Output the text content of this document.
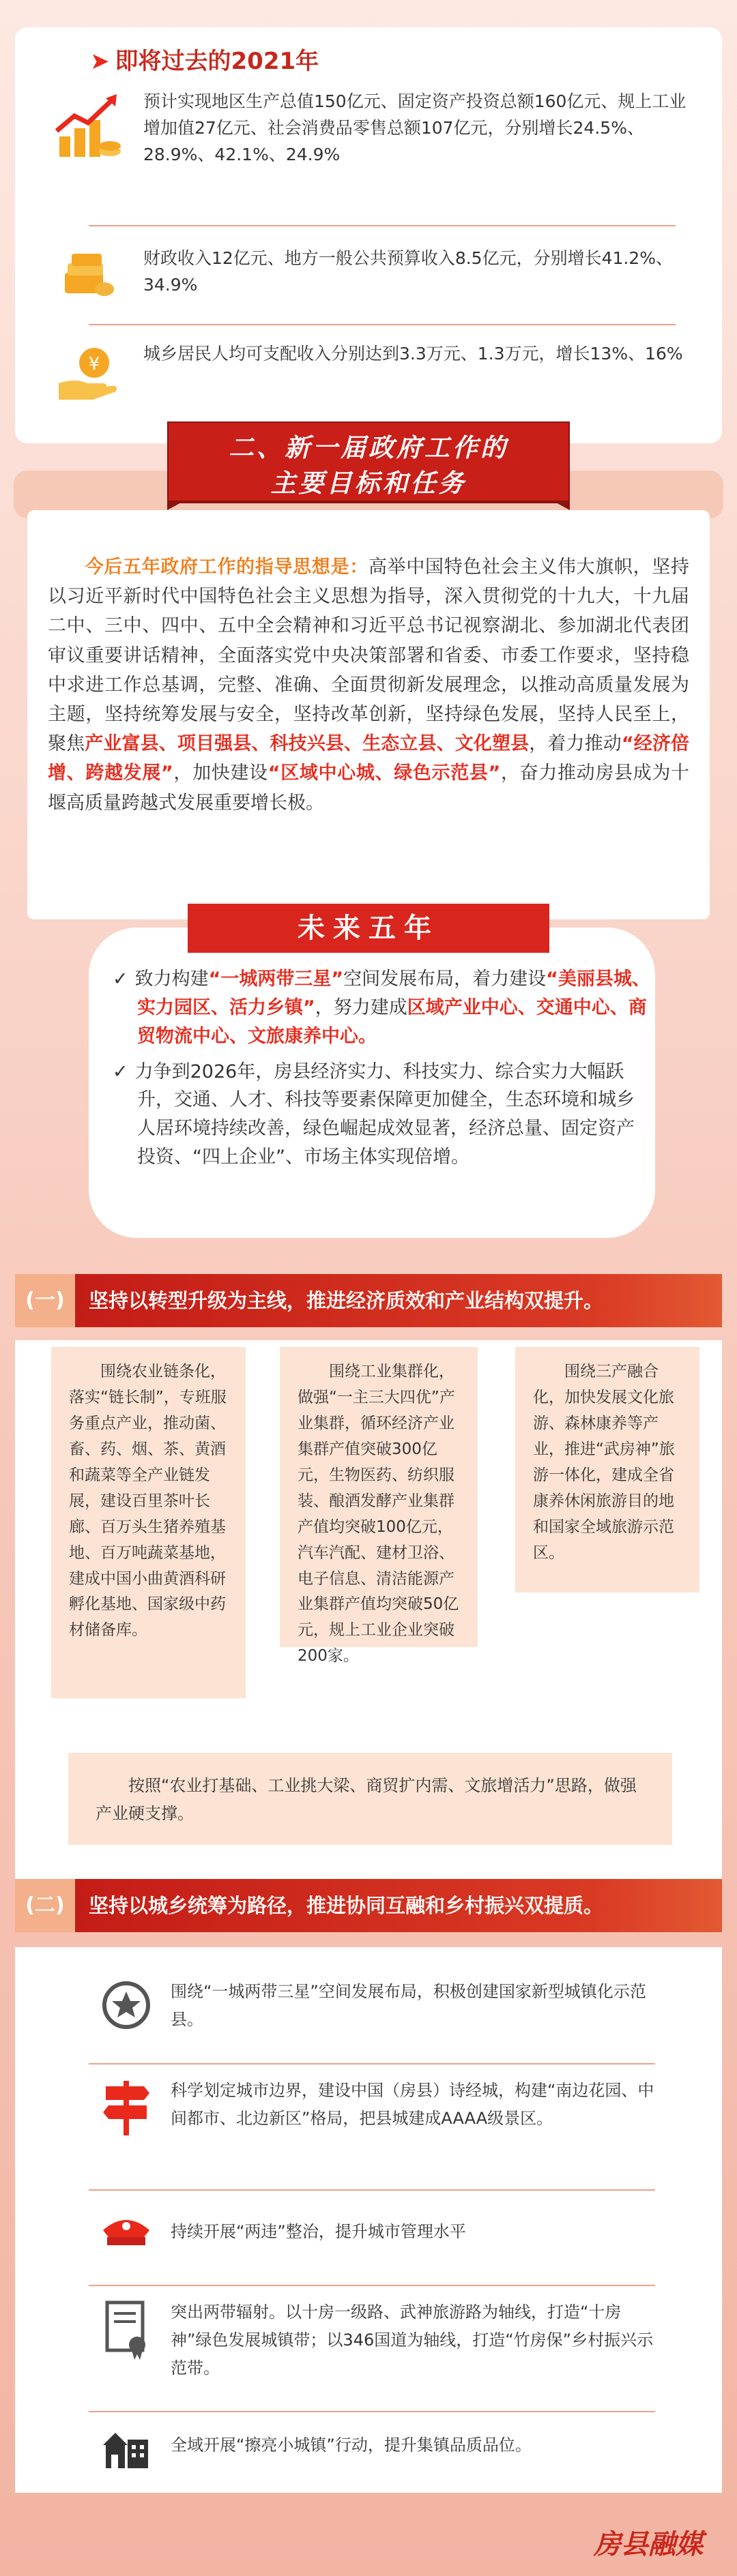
➤ 即将过去的2021年
预计实现地区生产总值150亿元、固定资产投资总额160亿元、规上工业增加值27亿元、社会消费品零售总额107亿元，分别增长24.5%、28.9%、42.1%、24.9%
财政收入12亿元、地方一般公共预算收入8.5亿元，分别增长41.2%、34.9%
¥
城乡居民人均可支配收入分别达到3.3万元、1.3万元，增长13%、16%
二、新一届政府工作的
主要目标和任务
今后五年政府工作的指导思想是：高举中国特色社会主义伟大旗帜，坚持以习近平新时代中国特色社会主义思想为指导，深入贯彻党的十九大，十九届二中、三中、四中、五中全会精神和习近平总书记视察湖北、参加湖北代表团审议重要讲话精神，全面落实党中央决策部署和省委、市委工作要求，坚持稳中求进工作总基调，完整、准确、全面贯彻新发展理念，以推动高质量发展为主题，坚持统筹发展与安全，坚持改革创新，坚持绿色发展，坚持人民至上，聚焦产业富县、项目强县、科技兴县、生态立县、文化塑县，着力推动“经济倍增、跨越发展”，加快建设“区域中心城、绿色示范县”，奋力推动房县成为十堰高质量跨越式发展重要增长极。
未来五年
✓ 致力构建“一城两带三星”空间发展布局，着力建设“美丽县城、实力园区、活力乡镇”，努力建成区域产业中心、交通中心、商贸物流中心、文旅康养中心。
✓ 力争到2026年，房县经济实力、科技实力、综合实力大幅跃升，交通、人才、科技等要素保障更加健全，生态环境和城乡人居环境持续改善，绿色崛起成效显著，经济总量、固定资产投资、“四上企业”、市场主体实现倍增。
(一)	坚持以转型升级为主线，推进经济质效和产业结构双提升。
围绕农业链条化，落实“链长制”，专班服务重点产业，推动菌、畜、药、烟、茶、黄酒和蔬菜等全产业链发展，建设百里茶叶长廊、百万头生猪养殖基地、百万吨蔬菜基地，建成中国小曲黄酒科研孵化基地、国家级中药材储备库。
围绕工业集群化，做强“一主三大四优”产业集群，循环经济产业集群产值突破300亿元，生物医药、纺织服装、酿酒发酵产业集群产值均突破100亿元，汽车汽配、建材卫浴、电子信息、清洁能源产业集群产值均突破50亿元，规上工业企业突破200家。
围绕三产融合化，加快发展文化旅游、森林康养等产业，推进“武房神”旅游一体化，建成全省康养休闲旅游目的地和国家全域旅游示范区。
按照“农业打基础、工业挑大梁、商贸扩内需、文旅增活力”思路，做强产业硬支撑。
(二)	坚持以城乡统筹为路径，推进协同互融和乡村振兴双提质。
围绕“一城两带三星”空间发展布局，积极创建国家新型城镇化示范县。
科学划定城市边界，建设中国（房县）诗经城，构建“南边花园、中间都市、北边新区”格局，把县城建成AAAA级景区。
持续开展“两违”整治，提升城市管理水平
突出两带辐射。以十房一级路、武神旅游路为轴线，打造“十房神”绿色发展城镇带；以346国道为轴线，打造“竹房保”乡村振兴示范带。
全域开展“擦亮小城镇”行动，提升集镇品质品位。
房县融媒
